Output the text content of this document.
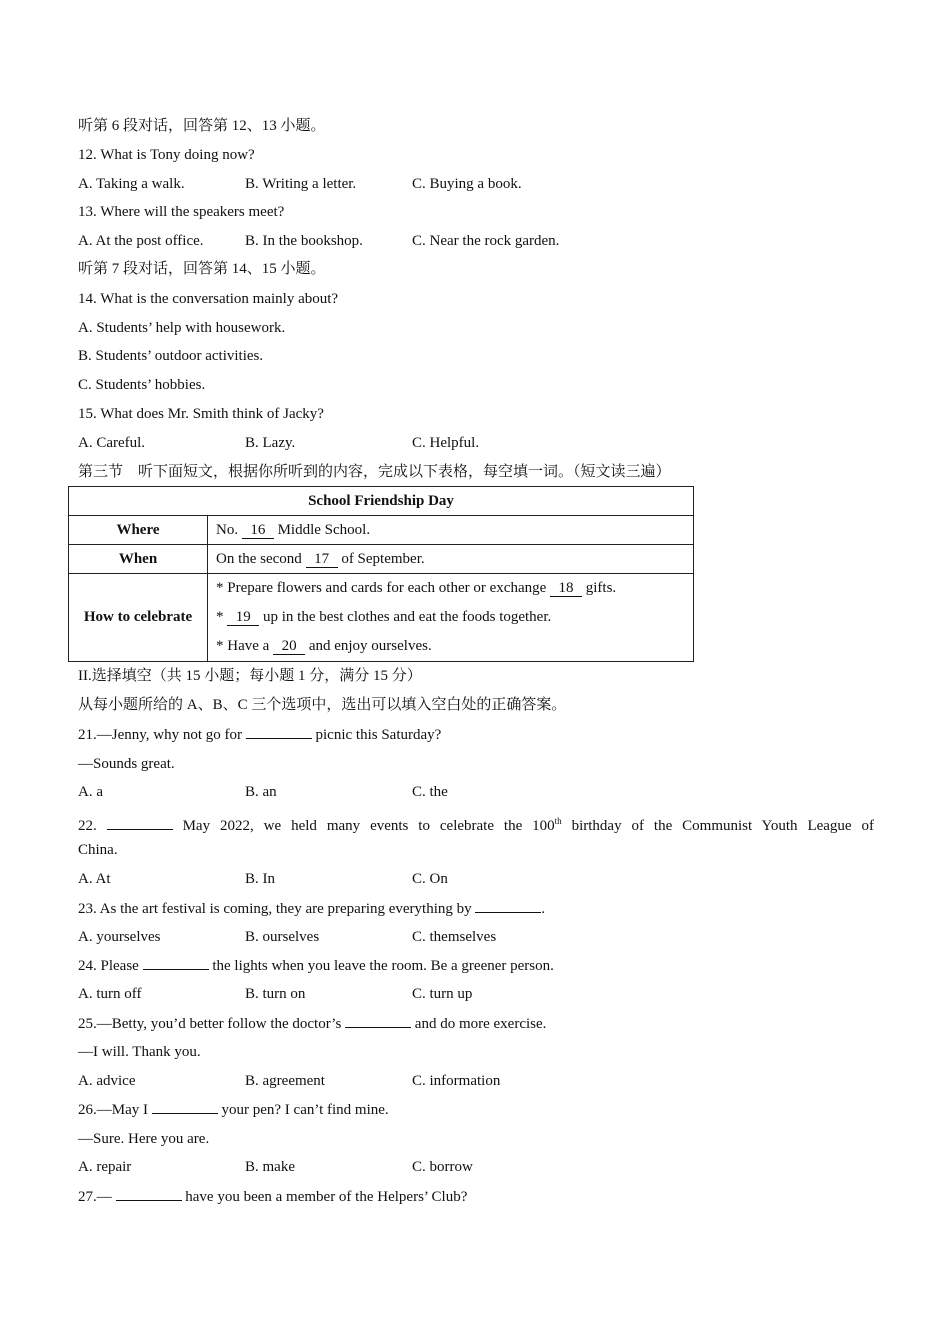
听第 6 段对话，回答第 12、13 小题。
12. What is Tony doing now?
A. Taking a walk.	B. Writing a letter.	C. Buying a book.
13. Where will the speakers meet?
A. At the post office.	B. In the bookshop.	C. Near the rock garden.
听第 7 段对话，回答第 14、15 小题。
14. What is the conversation mainly about?
A. Students’ help with housework.
B. Students’ outdoor activities.
C. Students’ hobbies.
15. What does Mr. Smith think of Jacky?
A. Careful.	B. Lazy.	C. Helpful.
第三节　听下面短文，根据你所听到的内容，完成以下表格，每空填一词。（短文读三遍）
School Friendship Day	
Where	No. 16 Middle School.
When	On the second 17 of September.
How to celebrate	* Prepare flowers and cards for each other or exchange 18 gifts.
* 19 up in the best clothes and eat the foods together.
* Have a 20 and enjoy ourselves.
II.选择填空（共 15 小题；每小题 1 分，满分 15 分）
从每小题所给的 A、B、C 三个选项中，选出可以填入空白处的正确答案。
21.—Jenny, why not go for	picnic this Saturday?
—Sounds great.
A. a	B. an	C. the
22.	May 2022, we held many events to celebrate the 100th birthday of the Communist Youth League of
China.
A. At	B. In	C. On
23. As the art festival is coming, they are preparing everything by	.
A. yourselves	B. ourselves	C. themselves
24. Please	the lights when you leave the room. Be a greener person.
A. turn off	B. turn on	C. turn up
25.—Betty, you’d better follow the doctor’s	and do more exercise.
—I will. Thank you.
A. advice	B. agreement	C. information
26.—May I	your pen? I can’t find mine.
—Sure. Here you are.
A. repair	B. make	C. borrow
27.—	have you been a member of the Helpers’ Club?
